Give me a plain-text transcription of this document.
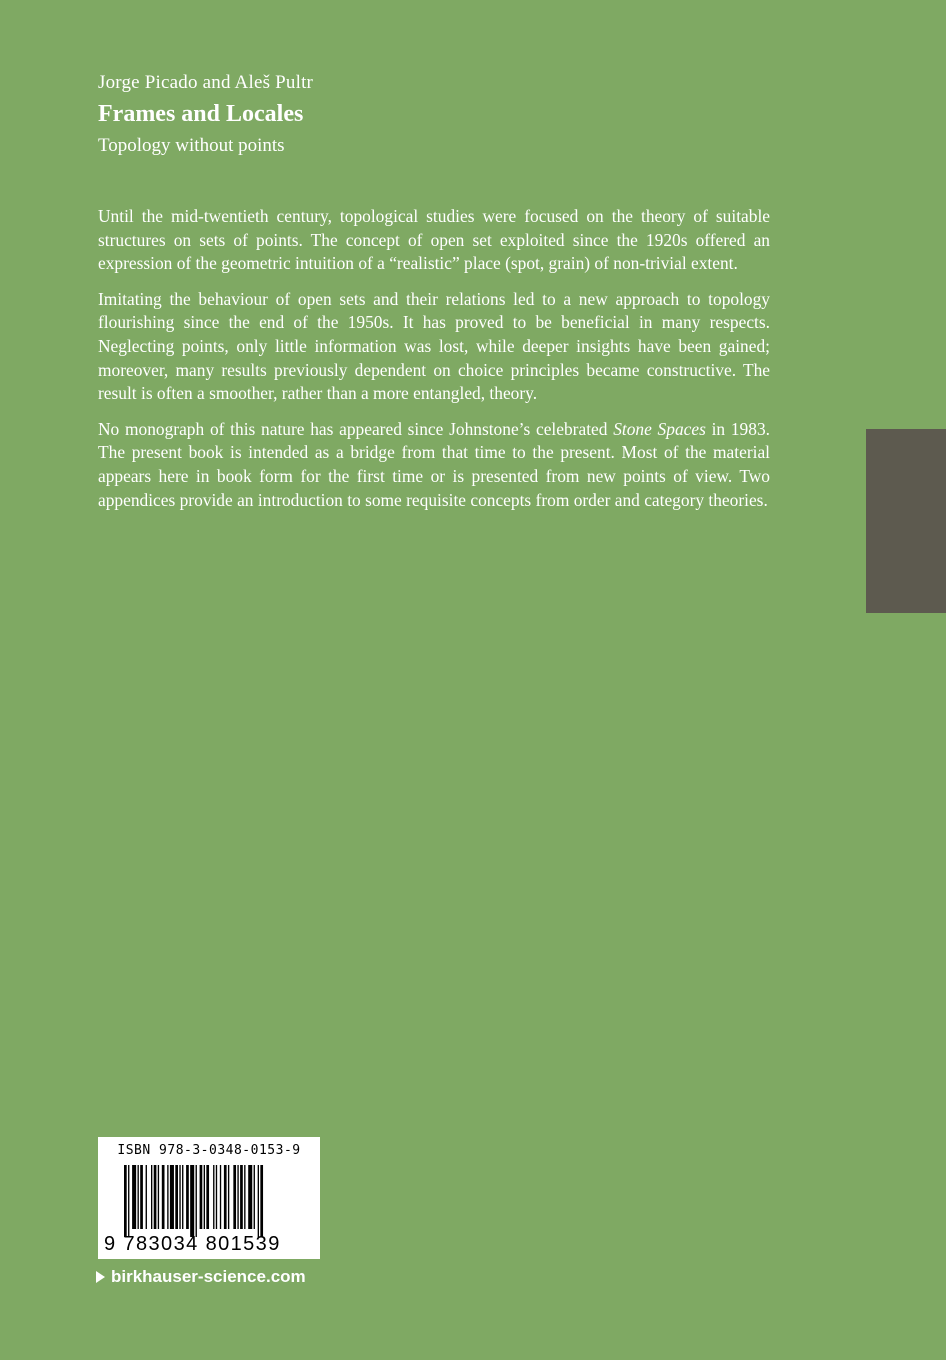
Jorge Picado and Aleš Pultr
Frames and Locales
Topology without points

Until the mid-twentieth century, topological studies were focused on the theory of suitable structures on sets of points. The concept of open set exploited since the 1920s offered an expression of the geometric intuition of a “realistic” place (spot, grain) of non-trivial extent.

Imitating the behaviour of open sets and their relations led to a new approach to topology flourishing since the end of the 1950s. It has proved to be beneficial in many respects. Neglecting points, only little information was lost, while deeper insights have been gained; moreover, many results previously dependent on choice principles became constructive. The result is often a smoother, rather than a more entangled, theory.

No monograph of this nature has appeared since Johnstone’s celebrated Stone Spaces in 1983. The present book is intended as a bridge from that time to the present. Most of the material appears here in book form for the first time or is presented from new points of view. Two appendices provide an introduction to some requisite concepts from order and category theories.

ISBN 978-3-0348-0153-9
9 783034 801539
birkhauser-science.com
